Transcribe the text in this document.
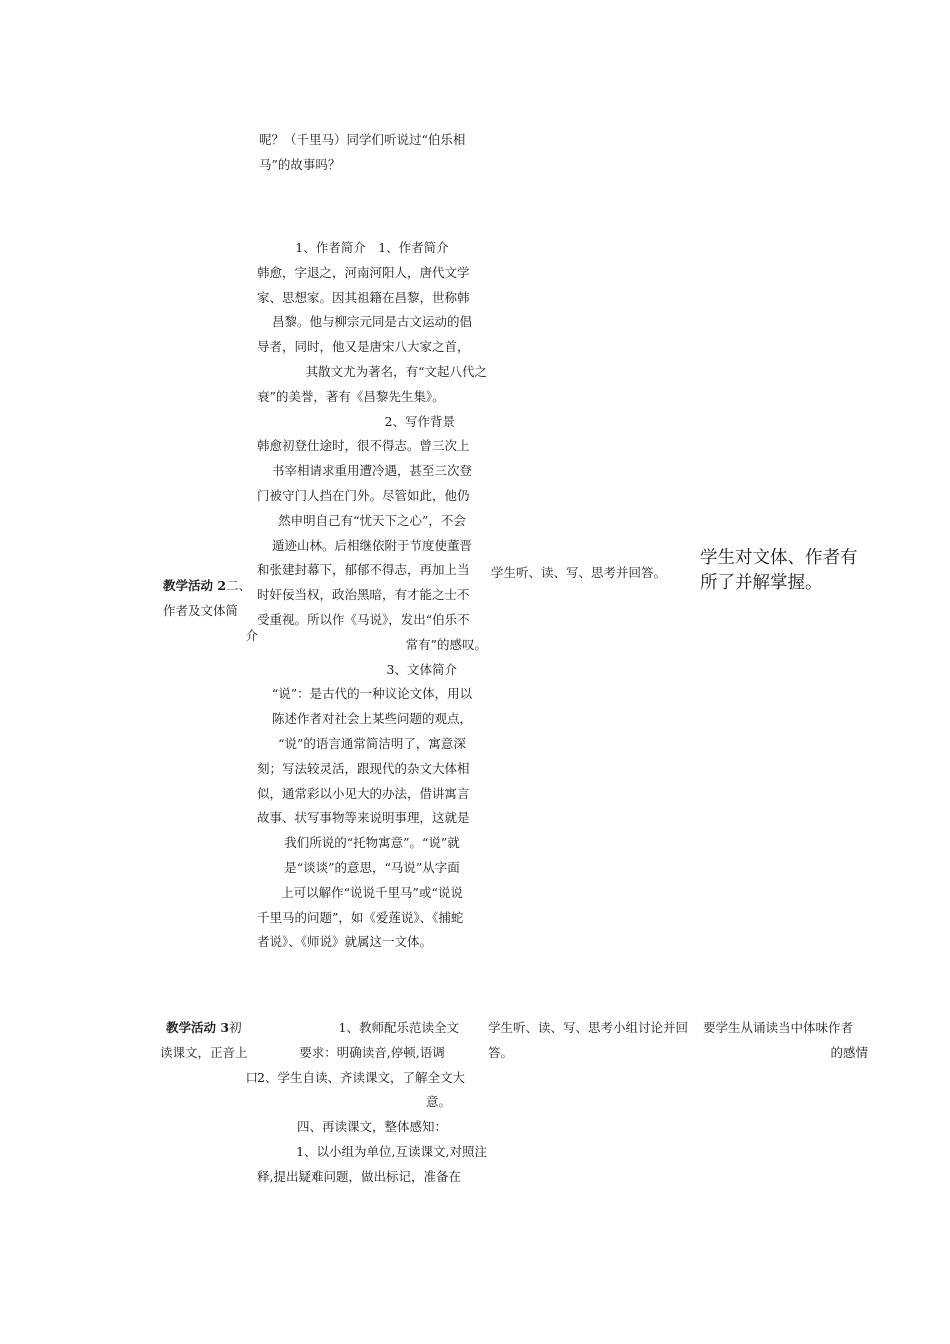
呢？（千里马）同学们听说过“伯乐相
马”的故事吗？
教学活动 2二、
作者及文体简
介
1、作者简介　1、作者简介
韩愈，字退之，河南河阳人，唐代文学
家、思想家。因其祖籍在昌黎，世称韩
昌黎。他与柳宗元同是古文运动的倡
导者，同时，他又是唐宋八大家之首，
其散文尤为著名，有“文起八代之
衰”的美誉，著有《昌黎先生集》。
2、写作背景
韩愈初登仕途时，很不得志。曾三次上
书宰相请求重用遭冷遇，甚至三次登
门被守门人挡在门外。尽管如此，他仍
然申明自己有“忧天下之心”，不会
遁迹山林。后相继依附于节度使董晋
和张建封幕下，郁郁不得志，再加上当
时奸佞当权，政治黑暗，有才能之士不
受重视。所以作《马说》，发出“伯乐不
常有”的感叹。
3、文体简介
“说”：是古代的一种议论文体，用以
陈述作者对社会上某些问题的观点，
“说”的语言通常简洁明了，寓意深
刻；写法较灵活，跟现代的杂文大体相
似，通常彩以小见大的办法，借讲寓言
故事、状写事物等来说明事理，这就是
我们所说的“托物寓意”。“说”就
是“谈谈”的意思，“马说”从字面
上可以解作“说说千里马”或“说说
千里马的问题”，如《爱莲说》、《捕蛇
者说》、《师说》就属这一文体。
学生听、读、写、思考并回答。
学生对文体、作者有
所了并解掌握。
教学活动 3初
读课文，正音上
口
1、教师配乐范读全文
要求：明确读音,停顿,语调
2、学生自读、齐读课文，了解全文大
意。
四、再读课文，整体感知：
1、以小组为单位,互读课文,对照注
释,提出疑难问题，做出标记，准备在
学生听、读、写、思考小组讨论并回
答。
要学生从诵读当中体味作者
的感情
